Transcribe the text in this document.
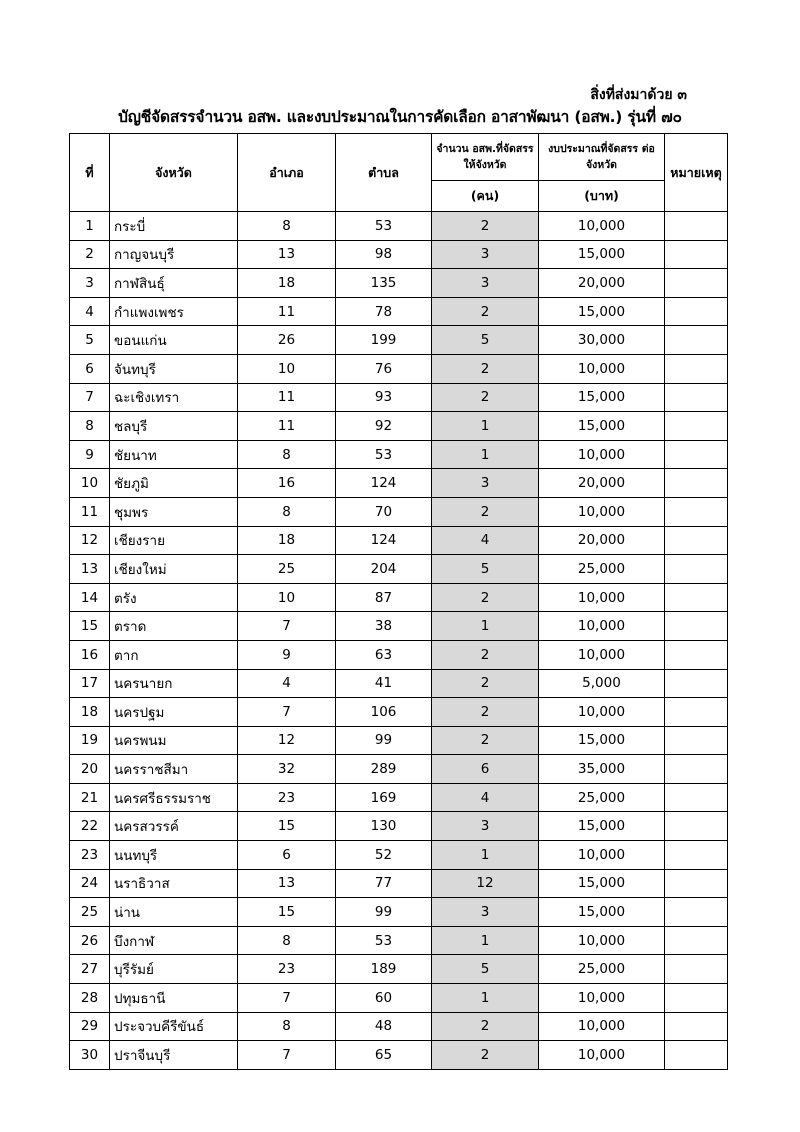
สิ่งที่ส่งมาด้วย ๓
บัญชีจัดสรรจำนวน อสพ. และงบประมาณในการคัดเลือก อาสาพัฒนา (อสพ.) รุ่นที่ ๗๐
ที่	จังหวัด	อำเภอ	ตำบล	จำนวน อสพ.ที่จัดสรร ให้จังหวัด	งบประมาณที่จัดสรร ต่อจังหวัด	หมายเหตุ
				(คน)	(บาท)	
1	กระบี่	8	53	2	10,000	
2	กาญจนบุรี	13	98	3	15,000	
3	กาฬสินธุ์	18	135	3	20,000	
4	กำแพงเพชร	11	78	2	15,000	
5	ขอนแก่น	26	199	5	30,000	
6	จันทบุรี	10	76	2	10,000	
7	ฉะเชิงเทรา	11	93	2	15,000	
8	ชลบุรี	11	92	1	15,000	
9	ชัยนาท	8	53	1	10,000	
10	ชัยภูมิ	16	124	3	20,000	
11	ชุมพร	8	70	2	10,000	
12	เชียงราย	18	124	4	20,000	
13	เชียงใหม่	25	204	5	25,000	
14	ตรัง	10	87	2	10,000	
15	ตราด	7	38	1	10,000	
16	ตาก	9	63	2	10,000	
17	นครนายก	4	41	2	5,000	
18	นครปฐม	7	106	2	10,000	
19	นครพนม	12	99	2	15,000	
20	นครราชสีมา	32	289	6	35,000	
21	นครศรีธรรมราช	23	169	4	25,000	
22	นครสวรรค์	15	130	3	15,000	
23	นนทบุรี	6	52	1	10,000	
24	นราธิวาส	13	77	12	15,000	
25	น่าน	15	99	3	15,000	
26	บึงกาฬ	8	53	1	10,000	
27	บุรีรัมย์	23	189	5	25,000	
28	ปทุมธานี	7	60	1	10,000	
29	ประจวบคีรีขันธ์	8	48	2	10,000	
30	ปราจีนบุรี	7	65	2	10,000	
